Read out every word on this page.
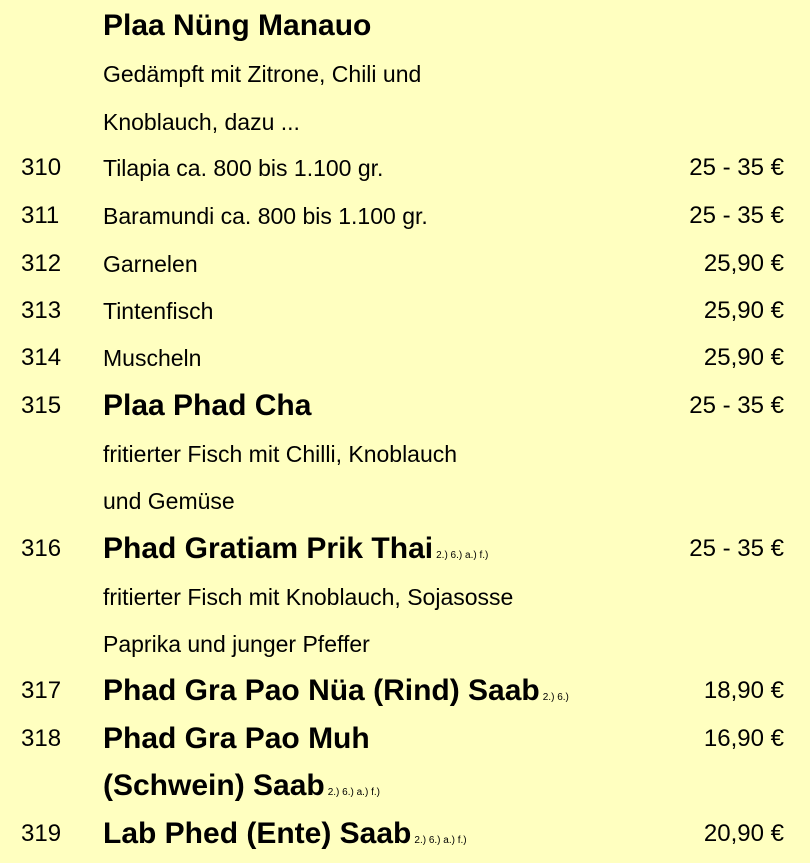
Plaa Nüng Manauo
Gedämpft mit Zitrone, Chili und
Knoblauch, dazu ...
310 Tilapia ca. 800 bis 1.100 gr.	25 - 35 €
311 Baramundi ca. 800 bis 1.100 gr.	25 - 35 €
312 Garnelen	25,90 €
313 Tintenfisch	25,90 €
314 Muscheln	25,90 €
315 Plaa Phad Cha	25 - 35 €
fritierter Fisch mit Chilli, Knoblauch
und Gemüse
316 Phad Gratiam Prik Thai 2.) 6.) a.) f.)	25 - 35 €
fritierter Fisch mit Knoblauch, Sojasosse
Paprika und junger Pfeffer
317 Phad Gra Pao Nüa (Rind) Saab 2.) 6.)	18,90 €
318 Phad Gra Pao Muh	16,90 €
(Schwein) Saab 2.) 6.) a.) f.)
319 Lab Phed (Ente) Saab 2.) 6.) a.) f.)	20,90 €
